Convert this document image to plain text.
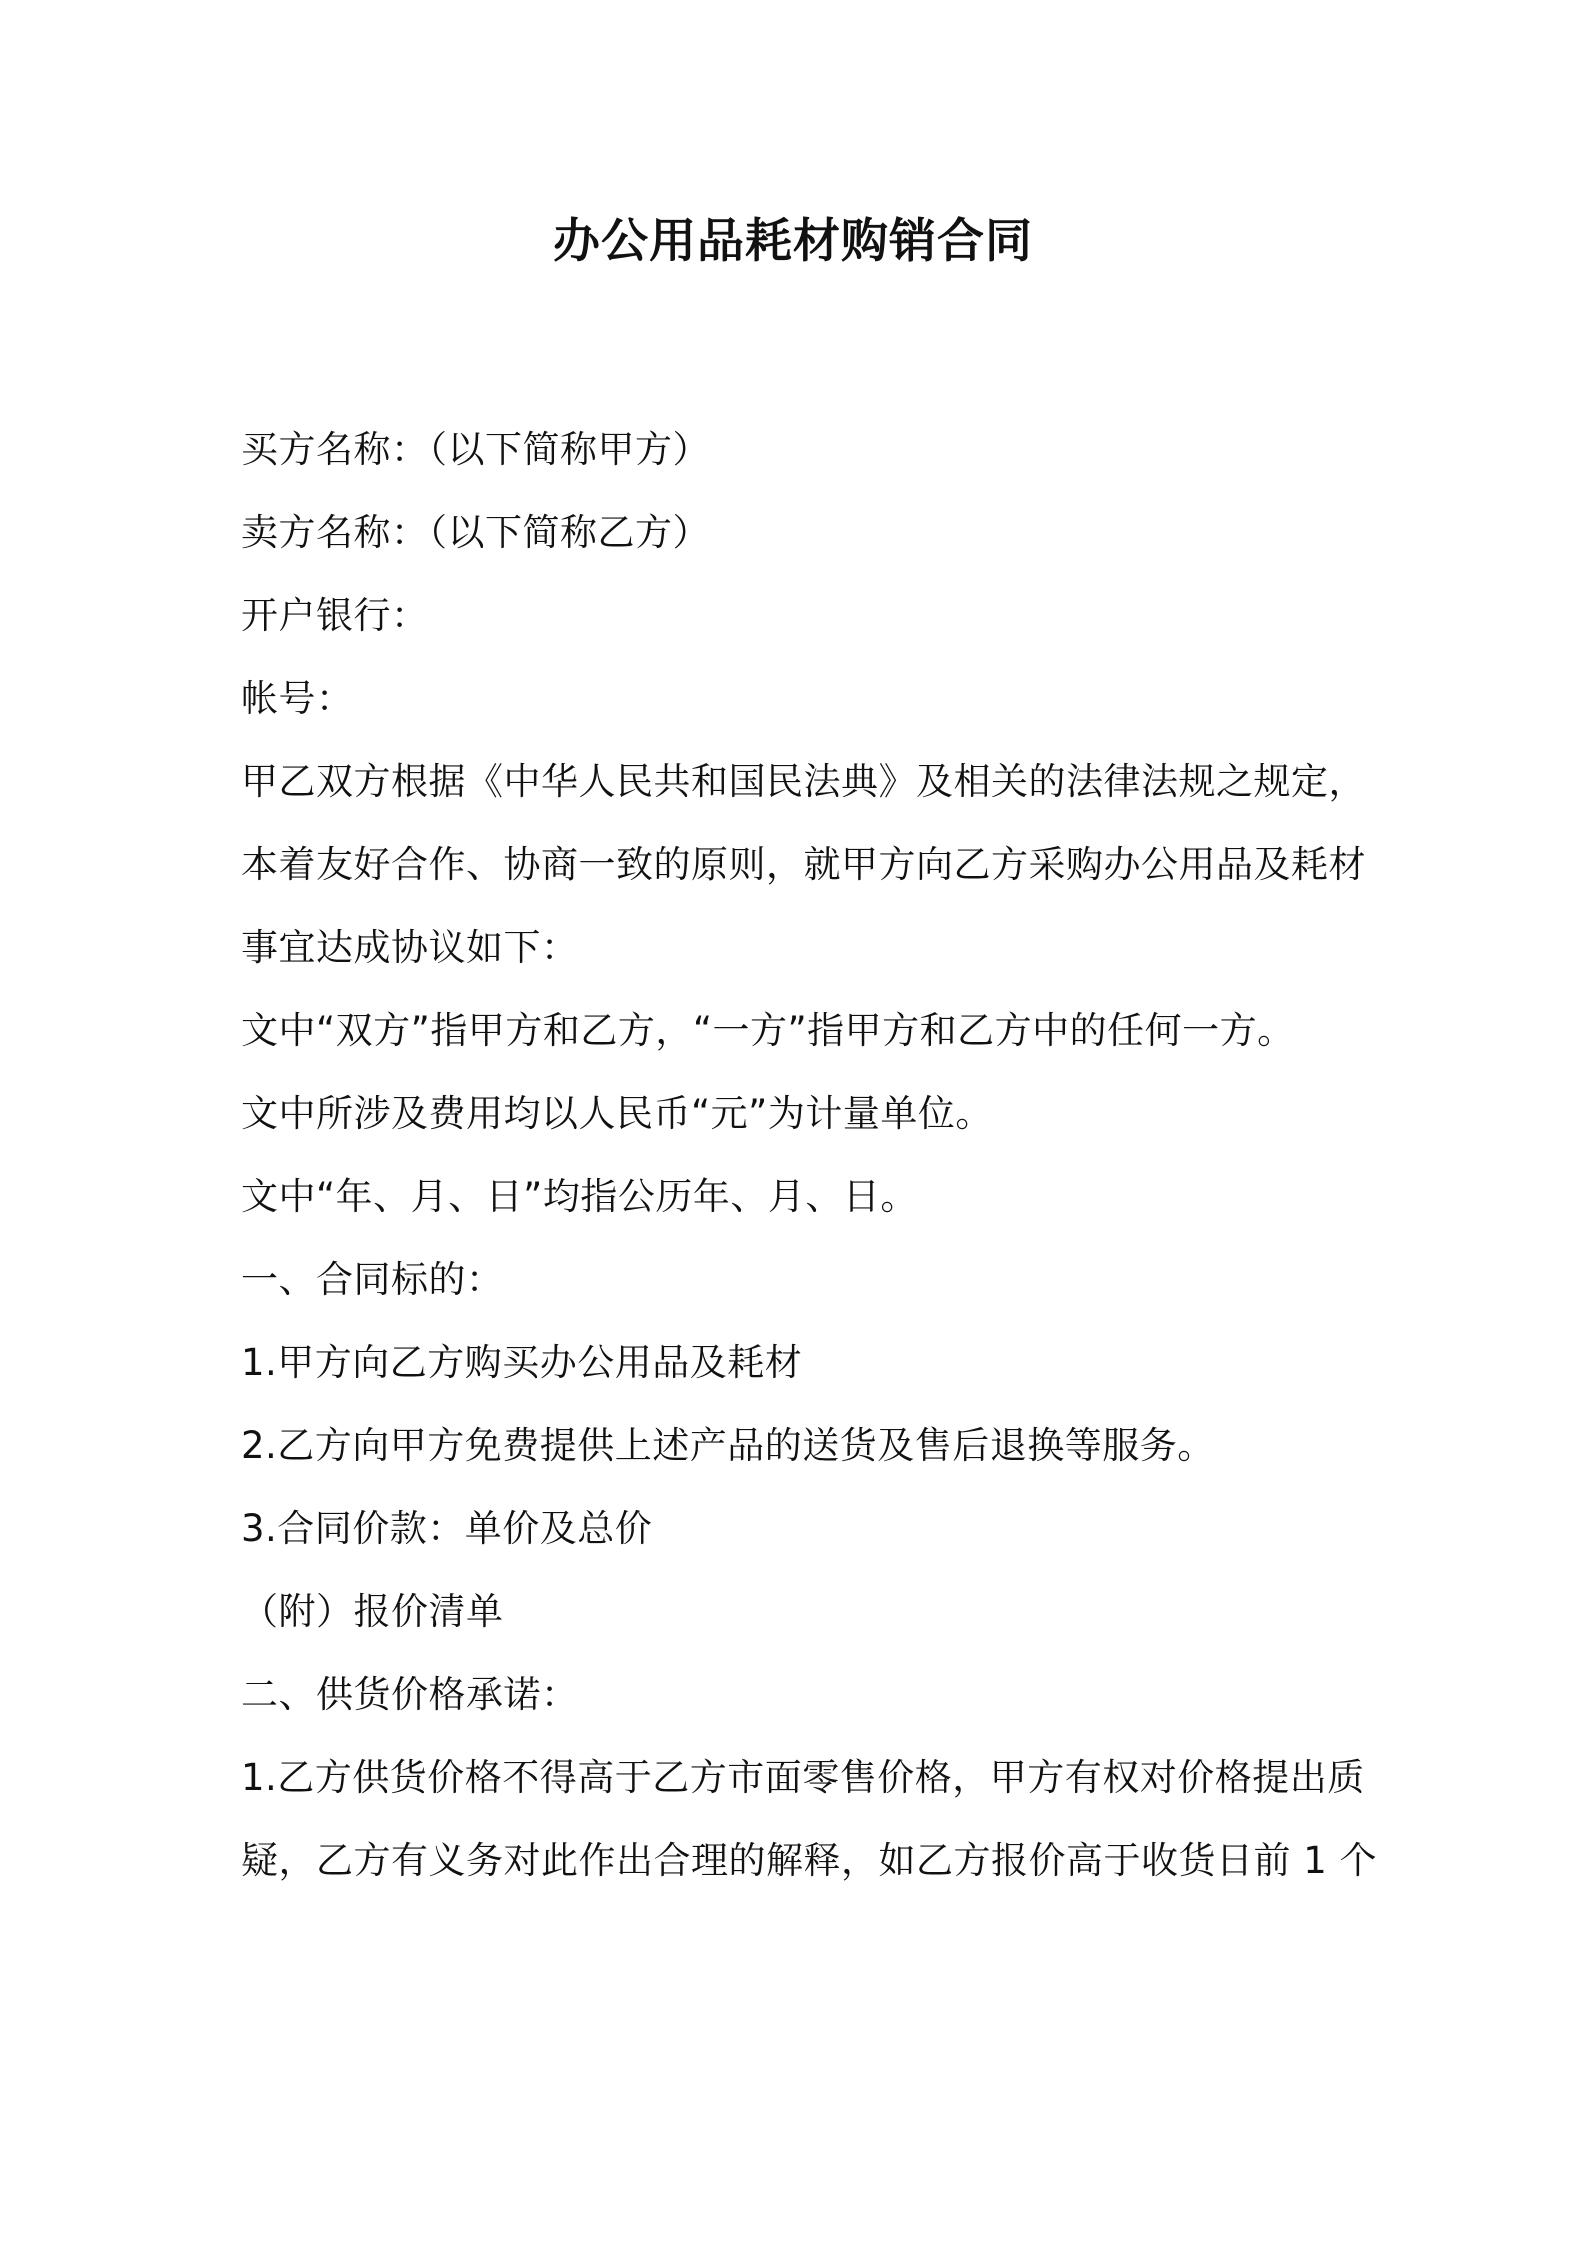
办公用品耗材购销合同
买方名称：（以下简称甲方）
卖方名称：（以下简称乙方）
开户银行：
帐号：
甲乙双方根据《中华人民共和国民法典》及相关的法律法规之规定，
本着友好合作、协商一致的原则，就甲方向乙方采购办公用品及耗材
事宜达成协议如下：
文中“双方”指甲方和乙方，“一方”指甲方和乙方中的任何一方。
文中所涉及费用均以人民币“元”为计量单位。
文中“年、月、日”均指公历年、月、日。
一、合同标的：
1.甲方向乙方购买办公用品及耗材
2.乙方向甲方免费提供上述产品的送货及售后退换等服务。
3.合同价款：单价及总价
（附）报价清单
二、供货价格承诺：
1.乙方供货价格不得高于乙方市面零售价格，甲方有权对价格提出质
疑，乙方有义务对此作出合理的解释，如乙方报价高于收货日前 1 个
